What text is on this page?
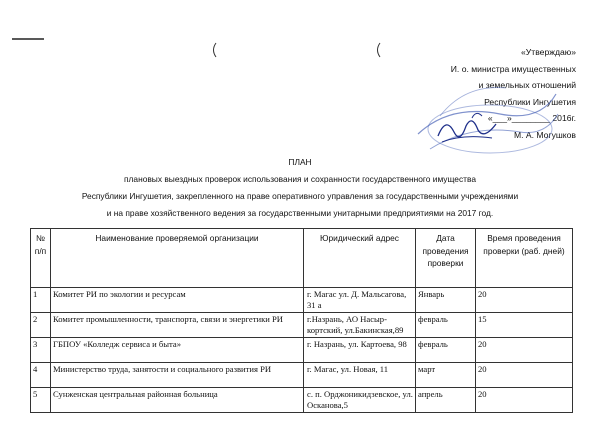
«Утверждаю»
И. о. министра имущественных
и земельных отношений
Республики Ингушетия
«___»________ 2016г.
М. А. Могушков
ПЛАН
плановых выездных проверок использования и сохранности государственного имущества
Республики Ингушетия, закрепленного на праве оперативного управления за государственными учреждениями
и на праве хозяйственного ведения за государственными унитарными предприятиями на 2017 год.
№ п/п	Наименование проверяемой организации	Юридический адрес	Дата проведения проверки	Время проведения проверки (раб. дней)
1	Комитет РИ по экологии и ресурсам	г. Магас ул. Д. Мальсагова, 31 а	Январь	20
2	Комитет промышленности, транспорта, связи и энергетики РИ	г.Назрань, АО Насыр-кортский, ул.Бакинская,89	февраль	15
3	ГБПОУ «Колледж сервиса и быта»	г. Назрань, ул. Картоева, 98	февраль	20
4	Министерство труда, занятости и социального развития РИ	г. Магас, ул. Новая, 11	март	20
5	Сунженская центральная районная больница	с. п. Орджоникидзевское, ул. Осканова,5	апрель	20
